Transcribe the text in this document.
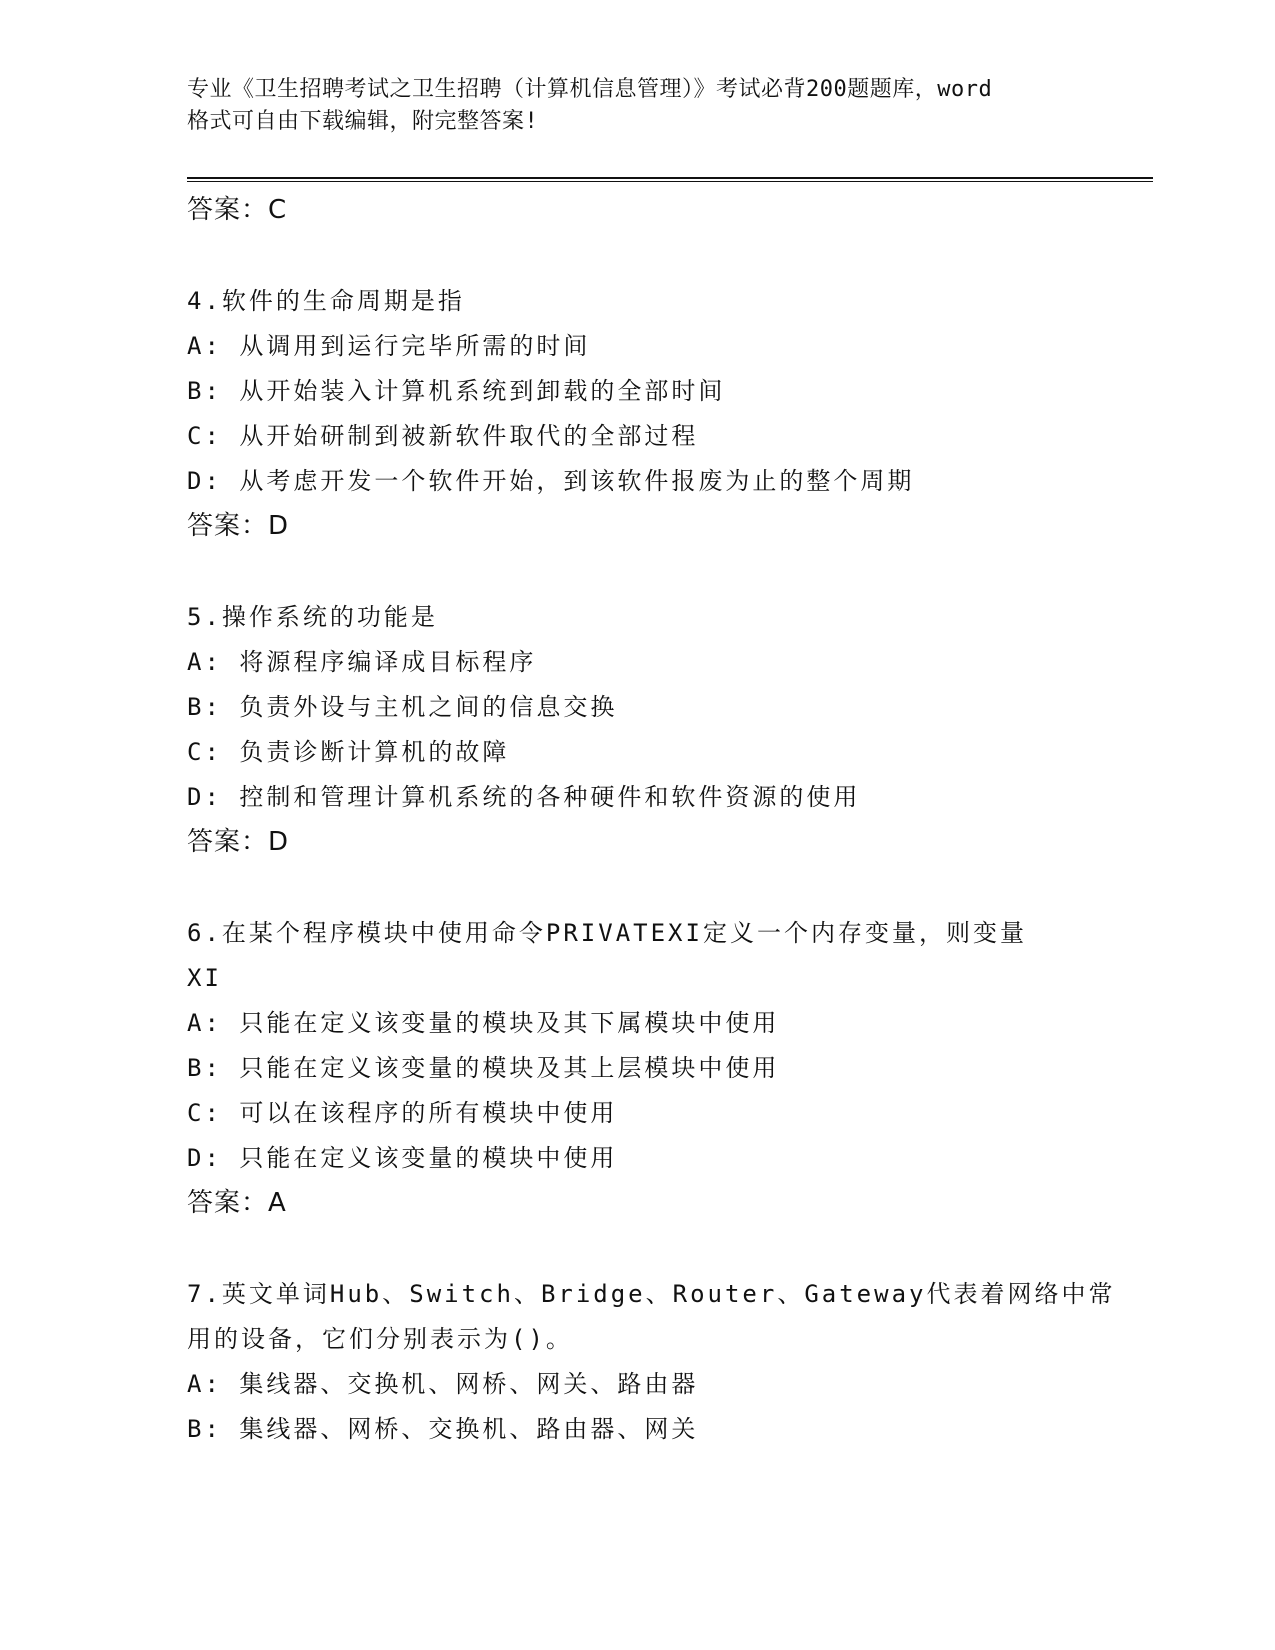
专业《卫生招聘考试之卫生招聘（计算机信息管理）》考试必背200题题库，word
格式可自由下载编辑，附完整答案!
答案：C
4.软件的生命周期是指
A: 从调用到运行完毕所需的时间
B: 从开始装入计算机系统到卸载的全部时间
C: 从开始研制到被新软件取代的全部过程
D: 从考虑开发一个软件开始，到该软件报废为止的整个周期
答案：D
5.操作系统的功能是
A: 将源程序编译成目标程序
B: 负责外设与主机之间的信息交换
C: 负责诊断计算机的故障
D: 控制和管理计算机系统的各种硬件和软件资源的使用
答案：D
6.在某个程序模块中使用命令PRIVATEXI定义一个内存变量，则变量
XI
A: 只能在定义该变量的模块及其下属模块中使用
B: 只能在定义该变量的模块及其上层模块中使用
C: 可以在该程序的所有模块中使用
D: 只能在定义该变量的模块中使用
答案：A
7.英文单词Hub、Switch、Bridge、Router、Gateway代表着网络中常
用的设备，它们分别表示为()。
A: 集线器、交换机、网桥、网关、路由器
B: 集线器、网桥、交换机、路由器、网关
